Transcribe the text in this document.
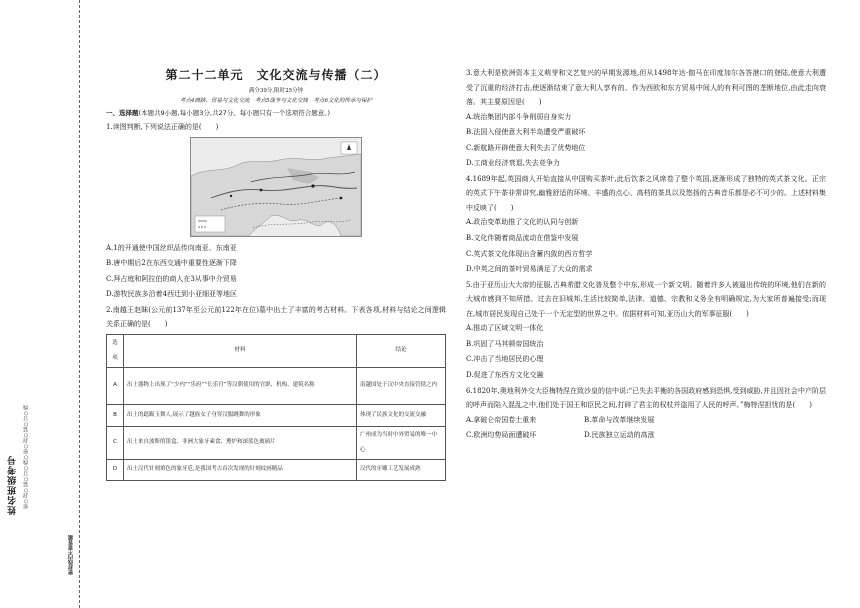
姓名班级考号 密○封○装○订○线○密○封○装○订○线
密封线内不要答题
第二十二单元　文化交流与传播（二）
满分39分,限时25分钟
考点4商路、贸易与文化交流　考点5战争与文化交锋　考点6文化的传承与保护
一、选择题(本题共9小题,每小题3分,共27分。每小题只有一个选项符合题意。)

1.读图判断,下列说法正确的是(　　)

A.1的开通使中国丝织品传向南亚、东南亚
B.唐中期后2在东西交通中重要性逐渐下降
C.拜占庭和阿拉伯的商人在3从事中介贸易
D.游牧民族多沿着4西迁到小亚细亚等地区

2.南越王赵眜(公元前137年至公元前122年在位)墓中出土了丰富的考古材料。下表各项,材料与结论之间逻辑关系正确的是(　　)

选项	材料	结论
A	出土器物上出现了“少内”“乐府”“长乐宫”等汉朝使用的官职、机构、建筑名称	南越国处于汉中央直接管辖之内
B	出土的跽踞玉舞人,展示了越族女子身穿汉服跳舞的形象	体现了民族文化的交流交融
C	出土来自波斯的银盒、非洲大象牙素食、熏炉和深蓝色玻璃片	广州成为当时中外贸易的唯一中心
D	出土汉代针刻填色的象牙卮,是我国考古首次发现的针刻纹画精品	汉代的牙雕工艺发展成熟

3.意大利是欧洲资本主义萌芽和文艺复兴的早期发源地,但从1498年达·伽马在印度加尔各答港口的登陆,使意大利遭受了沉重的经济打击,使逐渐结束了意大利人享有的、作为西欧和东方贸易中间人的有利可图的垄断地位,由此走向衰落。其主要原因是(　　)

A.统治集团内部斗争削弱自身实力
B.法国入侵使意大利半岛遭受严重破坏
C.新航路开辟使意大利失去了优势地位
D.工商业经济衰退,失去竞争力

4.1689年起,英国商人开始直接从中国购买茶叶,此后饮茶之风席卷了整个英国,逐渐形成了独特的英式茶文化。正宗的英式下午茶非常讲究,幽雅舒适的环境、丰盛的点心、高档的茶具以及悠扬的古典音乐都是必不可少的。上述材料集中反映了(　　)

A.政治变革助推了文化的认同与创新
B.文化伴随着商品流动在借鉴中发展
C.英式茶文化体现出含蓄内敛的西方哲学
D.中英之间的茶叶贸易满足了大众的需求

5.由于亚历山大大帝的征服,古典希腊文化普及整个中东,形成一个新文明。随着许多人被逼出传统的环境,他们在新的大城市感到不知所措。过去在旧城邦,生活比较简单,法律、道德、宗教和义务全有明确规定,为大家所普遍接受;而现在,城市居民发现自己处于一个无定型的世界之中。依据材料可知,亚历山大的军事征服(　　)

A.推动了区域文明一体化
B.巩固了马其顿帝国统治
C.冲击了当地居民的心理
D.促进了东西方文化交融

6.1820年,奥地利外交大臣梅特涅在致沙皇的信中说:“已失去平衡的各国政府感到恐惧,受到威胁,并且因社会中产阶层的呼声而陷入混乱之中,他们处于国王和臣民之间,打碎了君主的权杖并盗用了人民的呼声。”梅特涅担忧的是(　　)

A.拿破仑帝国卷土重来	B.革命与改革继续发展
C.欧洲均势局面遭破坏	D.民族独立运动的高涨
